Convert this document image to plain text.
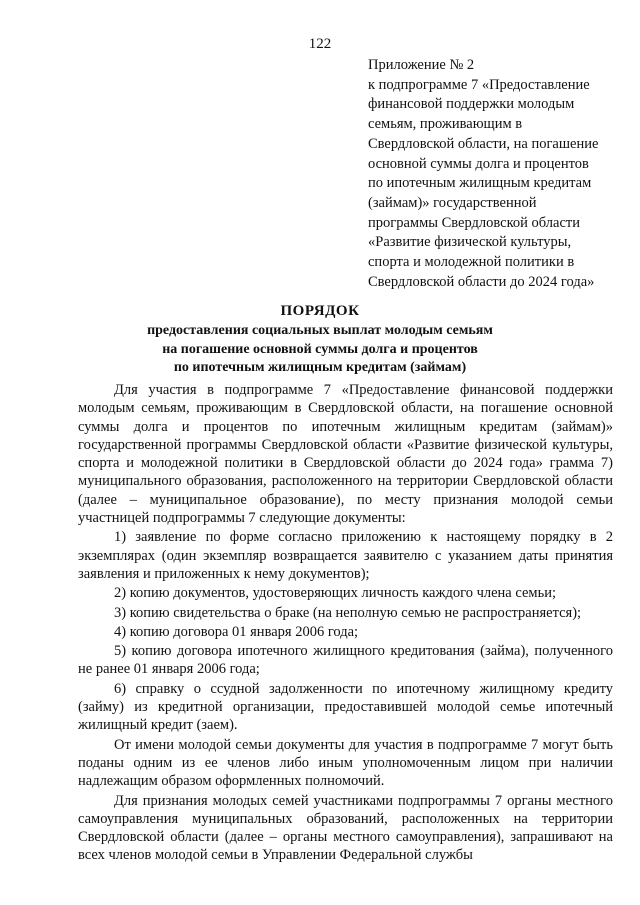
122
Приложение № 2
к подпрограмме 7 «Предоставление
финансовой поддержки молодым
семьям, проживающим в
Свердловской области, на погашение
основной суммы долга и процентов
по ипотечным жилищным кредитам
(займам)» государственной
программы Свердловской области
«Развитие физической культуры,
спорта и молодежной политики в
Свердловской области до 2024 года»
ПОРЯДОК
предоставления социальных выплат молодым семьям
на погашение основной суммы долга и процентов
по ипотечным жилищным кредитам (займам)

Для участия в подпрограмме 7 «Предоставление финансовой поддержки молодым семьям, проживающим в Свердловской области, на погашение основной суммы долга и процентов по ипотечным жилищным кредитам (займам)» государственной программы Свердловской области «Развитие физической культуры, спорта и молодежной политики в Свердловской области до 2024 года» граммa 7) муниципального образования, расположенного на территории Свердловской области (далее – муниципальное образование), по месту признания молодой семьи участницей подпрограммы 7 следующие документы:

1) заявление по форме согласно приложению к настоящему порядку в 2 экземплярах (один экземпляр возвращается заявителю с указанием даты принятия заявления и приложенных к нему документов);

2) копию документов, удостоверяющих личность каждого члена семьи;

3) копию свидетельства о браке (на неполную семью не распространяется);

4) копию договора 01 января 2006 года;

5) копию договора ипотечного жилищного кредитования (займа), полученного не ранее 01 января 2006 года;

6) справку о ссудной задолженности по ипотечному жилищному кредиту (займу) из кредитной организации, предоставившей молодой семье ипотечный жилищный кредит (заем).

От имени молодой семьи документы для участия в подпрограмме 7 могут быть поданы одним из ее членов либо иным уполномоченным лицом при наличии надлежащим образом оформленных полномочий.

Для признания молодых семей участниками подпрограммы 7 органы местного самоуправления муниципальных образований, расположенных на территории Свердловской области (далее – органы местного самоуправления), запрашивают на всех членов молодой семьи в Управлении Федеральной службы
